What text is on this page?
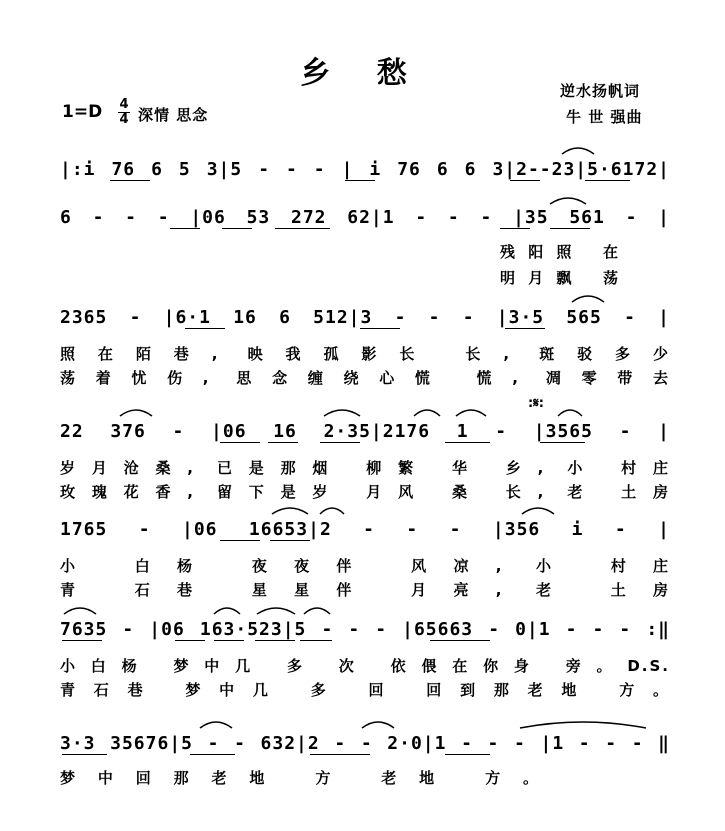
乡 愁	逆水扬帆词
牛 世 强曲
1=D 4
4 深情 思念
|:i 76 6 5 3|5 - - - | i 76 6 6 3|2--23|5·6172|
6 - - - |06 53 272 62|1 - - - |35 561 - |
残阳照 在
明月飘 荡
2365 - |6·1 16 6 512|3 - - - |3·5 565 - |
照在陌巷, 映我孤影长 长, 斑驳多少
荡着忧伤, 思念缠绕心慌 慌, 凋零带去
:𝄋:
22 376 - |06 16 2·35|2176 1 - |3565 - |
岁月沧桑, 已是那烟 柳繁 华 乡, 小 村庄
玫瑰花香, 留下是岁 月风 桑 长, 老 土房
1765 - |06 16653|2 - - - |356 i - |
小 白杨 夜夜伴 风凉, 小 村庄
青 石巷 星星伴 月亮, 老 土房
7635 - |06 163·523|5 - - - |65663 - 0|1 - - - :‖
小白杨 梦中几 多 次 依偎在你身 旁。D.S.
青石巷 梦中几 多 回 回到那老地 方。
3·3 35676|5 - - 632|2 - - 2·0|1 - - - |1 - - - ‖
梦中回那老地 方 老地 方。
